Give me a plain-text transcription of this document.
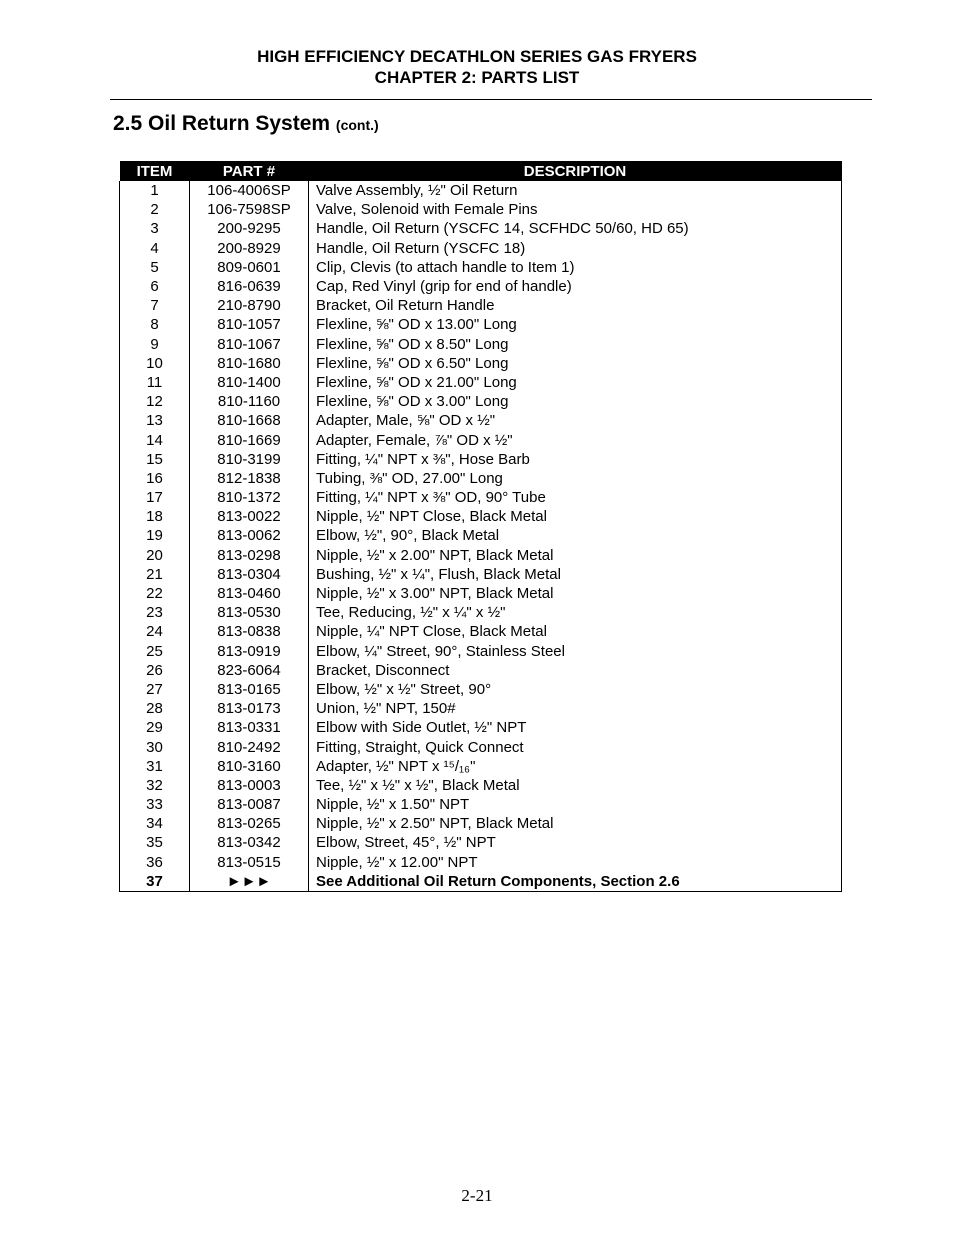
HIGH EFFICIENCY DECATHLON SERIES GAS FRYERS
CHAPTER 2: PARTS LIST
2.5 Oil Return System (cont.)
ITEM	PART #	DESCRIPTION
1	106-4006SP	Valve Assembly, ½" Oil Return
2	106-7598SP	Valve, Solenoid with Female Pins
3	200-9295	Handle, Oil Return (YSCFC 14, SCFHDC 50/60, HD 65)
4	200-8929	Handle, Oil Return (YSCFC 18)
5	809-0601	Clip, Clevis (to attach handle to Item 1)
6	816-0639	Cap, Red Vinyl (grip for end of handle)
7	210-8790	Bracket, Oil Return Handle
8	810-1057	Flexline, ⅝" OD x 13.00" Long
9	810-1067	Flexline, ⅝" OD x 8.50" Long
10	810-1680	Flexline, ⅝" OD x 6.50" Long
11	810-1400	Flexline, ⅝" OD x 21.00" Long
12	810-1160	Flexline, ⅝" OD x 3.00" Long
13	810-1668	Adapter, Male, ⅝" OD x ½"
14	810-1669	Adapter, Female, ⅞" OD x ½"
15	810-3199	Fitting, ¼" NPT x ⅜", Hose Barb
16	812-1838	Tubing, ⅜" OD, 27.00" Long
17	810-1372	Fitting, ¼" NPT x ⅜" OD, 90° Tube
18	813-0022	Nipple, ½" NPT Close, Black Metal
19	813-0062	Elbow, ½", 90°, Black Metal
20	813-0298	Nipple, ½" x 2.00" NPT, Black Metal
21	813-0304	Bushing, ½" x ¼", Flush, Black Metal
22	813-0460	Nipple, ½" x 3.00" NPT, Black Metal
23	813-0530	Tee, Reducing, ½" x ¼" x ½"
24	813-0838	Nipple, ¼" NPT Close, Black Metal
25	813-0919	Elbow, ¼" Street, 90°, Stainless Steel
26	823-6064	Bracket, Disconnect
27	813-0165	Elbow, ½" x ½" Street, 90°
28	813-0173	Union, ½" NPT, 150#
29	813-0331	Elbow with Side Outlet, ½" NPT
30	810-2492	Fitting, Straight, Quick Connect
31	810-3160	Adapter, ½" NPT x ¹⁵/₁₆"
32	813-0003	Tee, ½" x ½" x ½", Black Metal
33	813-0087	Nipple, ½" x 1.50" NPT
34	813-0265	Nipple, ½" x 2.50" NPT, Black Metal
35	813-0342	Elbow, Street, 45°, ½" NPT
36	813-0515	Nipple, ½" x 12.00" NPT
37	►►►	See Additional Oil Return Components, Section 2.6
2-21
